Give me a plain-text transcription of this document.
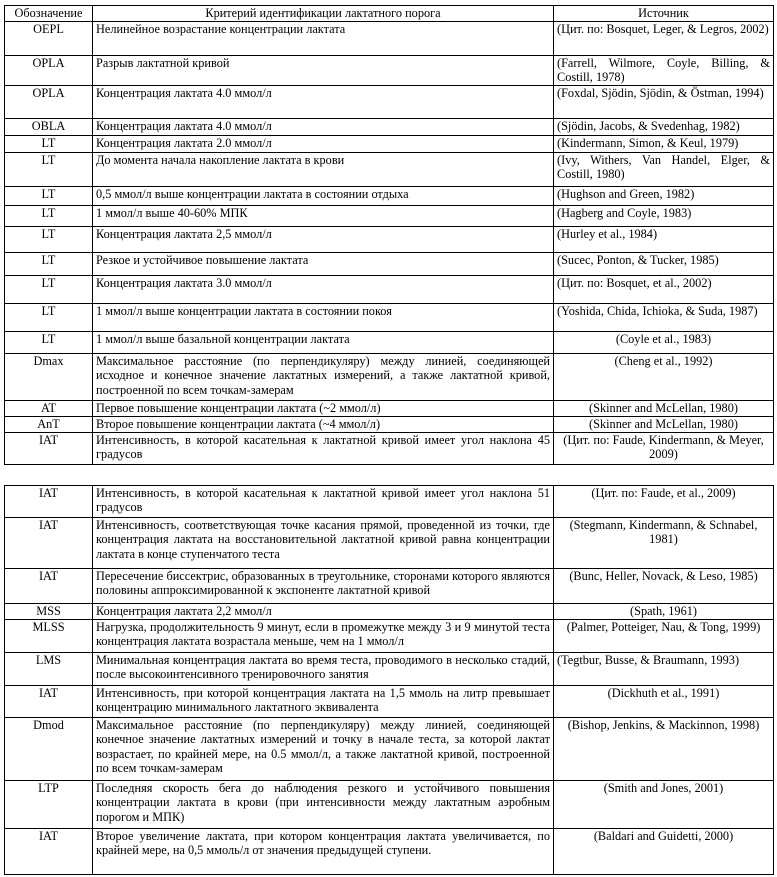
Обозначение	Критерий идентификации лактатного порога	Источник
OEPL	Нелинейное возрастание концентрации лактата	(Цит. по: Bosquet, Leger, & Legros, 2002)
OPLA	Разрыв лактатной кривой	(Farrell, Wilmore, Coyle, Billing, & Costill, 1978)
OPLA	Концентрация лактата 4.0 ммол/л	(Foxdal, Sjödin, Sjödin, & Östman, 1994)
OBLA	Концентрация лактата 4.0 ммол/л	(Sjödin, Jacobs, & Svedenhag, 1982)
LT	Концентрация лактата 2.0 ммол/л	(Kindermann, Simon, & Keul, 1979)
LT	До момента начала накопление лактата в крови	(Ivy, Withers, Van Handel, Elger, & Costill, 1980)
LT	0,5 ммол/л выше концентрации лактата в состоянии отдыха	(Hughson and Green, 1982)
LT	1 ммол/л выше 40-60% МПК	(Hagberg and Coyle, 1983)
LT	Концентрация лактата 2,5 ммол/л	(Hurley et al., 1984)
LT	Резкое и устойчивое повышение лактата	(Sucec, Ponton, & Tucker, 1985)
LT	Концентрация лактата 3.0 ммол/л	(Цит. по: Bosquet, et al., 2002)
LT	1 ммол/л выше концентрации лактата в состоянии покоя	(Yoshida, Chida, Ichioka, & Suda, 1987)
LT	1 ммол/л выше базальной концентрации лактата	(Coyle et al., 1983)
Dmax	Максимальное расстояние (по перпендикуляру) между линией, соединяющей исходное и конечное значение лактатных измерений, а также лактатной кривой, построенной по всем точкам-замерам	(Cheng et al., 1992)
AT	Первое повышение концентрации лактата (~2 ммол/л)	(Skinner and McLellan, 1980)
AnT	Второе повышение концентрации лактата (~4 ммол/л)	(Skinner and McLellan, 1980)
IAT	Интенсивность, в которой касательная к лактатной кривой имеет угол наклона 45 градусов	(Цит. по: Faude, Kindermann, & Meyer, 2009)
IAT	Интенсивность, в которой касательная к лактатной кривой имеет угол наклона 51 градусов	(Цит. по: Faude, et al., 2009)
IAT	Интенсивность, соответствующая точке касания прямой, проведенной из точки, где концентрация лактата на восстановительной лактатной кривой равна концентрации лактата в конце ступенчатого теста	(Stegmann, Kindermann, & Schnabel, 1981)
IAT	Пересечение биссектрис, образованных в треугольнике, сторонами которого являются половины аппроксимированной к экспоненте лактатной кривой	(Bunc, Heller, Novack, & Leso, 1985)
MSS	Концентрация лактата 2,2 ммол/л	(Spath, 1961)
MLSS	Нагрузка, продолжительность 9 минут, если в промежутке между 3 и 9 минутой теста концентрация лактата возрастала меньше, чем на 1 ммол/л	(Palmer, Potteiger, Nau, & Tong, 1999)
LMS	Минимальная концентрация лактата во время теста, проводимого в несколько стадий, после высокоинтенсивного тренировочного занятия	(Tegtbur, Busse, & Braumann, 1993)
IAT	Интенсивность, при которой концентрация лактата на 1,5 ммоль на литр превышает концентрацию минимального лактатного эквивалента	(Dickhuth et al., 1991)
Dmod	Максимальное расстояние (по перпендикуляру) между линией, соединяющей конечное значение лактатных измерений и точку в начале теста, за которой лактат возрастает, по крайней мере, на 0.5 ммол/л, а также лактатной кривой, построенной по всем точкам-замерам	(Bishop, Jenkins, & Mackinnon, 1998)
LTP	Последняя скорость бега до наблюдения резкого и устойчивого повышения концентрации лактата в крови (при интенсивности между лактатным аэробным порогом и МПК)	(Smith and Jones, 2001)
IAT	Второе увеличение лактата, при котором концентрация лактата увеличивается, по крайней мере, на 0,5 ммоль/л от значения предыдущей ступени.	(Baldari and Guidetti, 2000)
